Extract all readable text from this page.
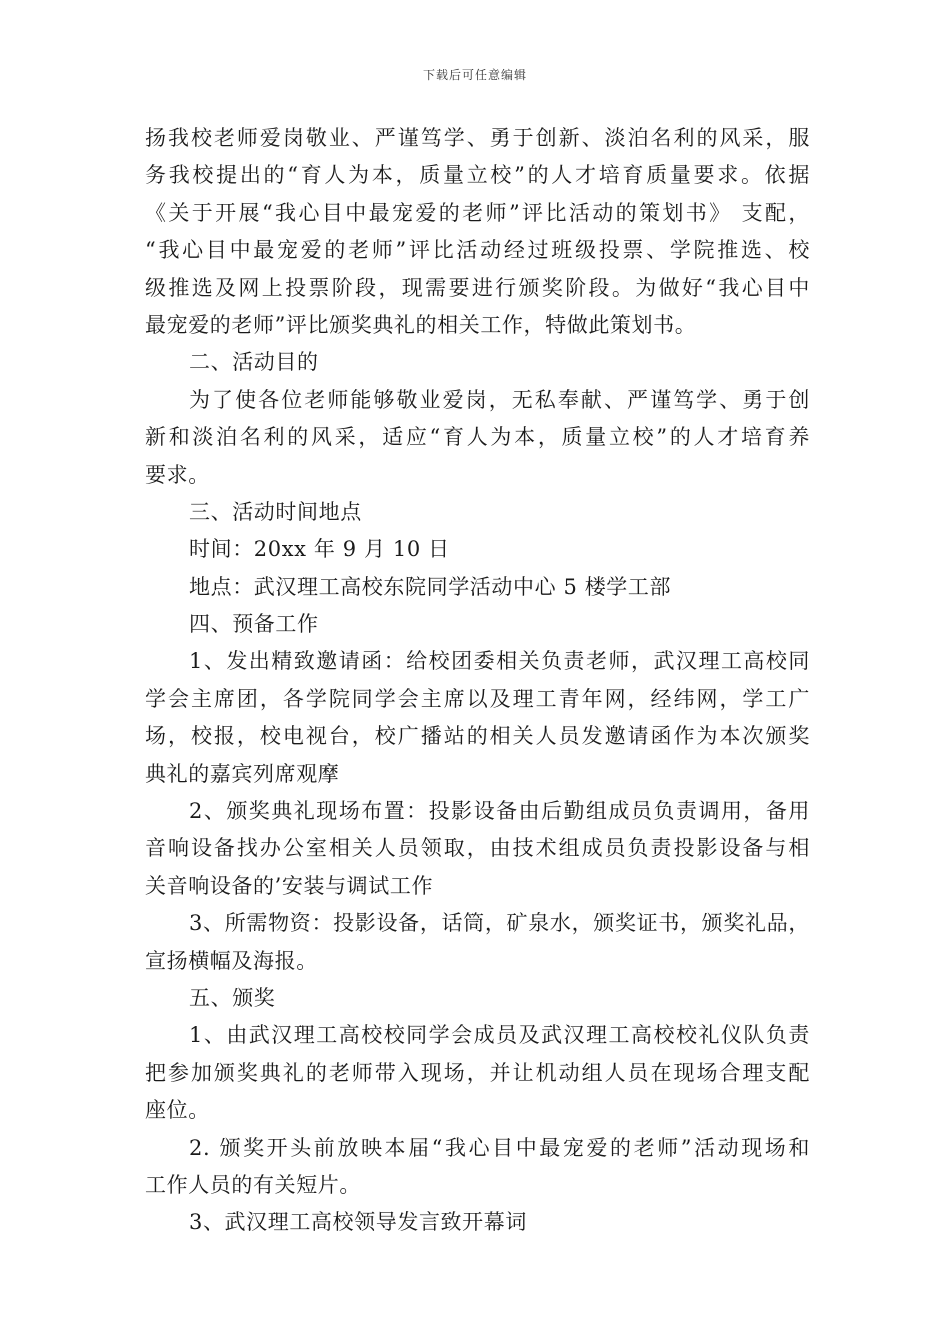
下载后可任意编辑
扬我校老师爱岗敬业、严谨笃学、勇于创新、淡泊名利的风采，服
务我校提出的“育人为本，质量立校”的人才培育质量要求。依据
《关于开展“我心目中最宠爱的老师”评比活动的策划书》 支配，
“我心目中最宠爱的老师”评比活动经过班级投票、学院推选、校
级推选及网上投票阶段，现需要进行颁奖阶段。为做好“我心目中
最宠爱的老师”评比颁奖典礼的相关工作，特做此策划书。
二、活动目的
为了使各位老师能够敬业爱岗，无私奉献、严谨笃学、勇于创
新和淡泊名利的风采，适应“育人为本，质量立校”的人才培育养
要求。
三、活动时间地点
时间：20xx 年 9 月 10 日
地点：武汉理工高校东院同学活动中心 5 楼学工部
四、预备工作
1、发出精致邀请函：给校团委相关负责老师，武汉理工高校同
学会主席团，各学院同学会主席以及理工青年网，经纬网，学工广
场，校报，校电视台，校广播站的相关人员发邀请函作为本次颁奖
典礼的嘉宾列席观摩
2、颁奖典礼现场布置：投影设备由后勤组成员负责调用，备用
音响设备找办公室相关人员领取，由技术组成员负责投影设备与相
关音响设备的’安装与调试工作
3、所需物资：投影设备，话筒，矿泉水，颁奖证书，颁奖礼品，
宣扬横幅及海报。
五、颁奖
1、由武汉理工高校校同学会成员及武汉理工高校校礼仪队负责
把参加颁奖典礼的老师带入现场，并让机动组人员在现场合理支配
座位。
2. 颁奖开头前放映本届“我心目中最宠爱的老师”活动现场和
工作人员的有关短片。
3、武汉理工高校领导发言致开幕词
